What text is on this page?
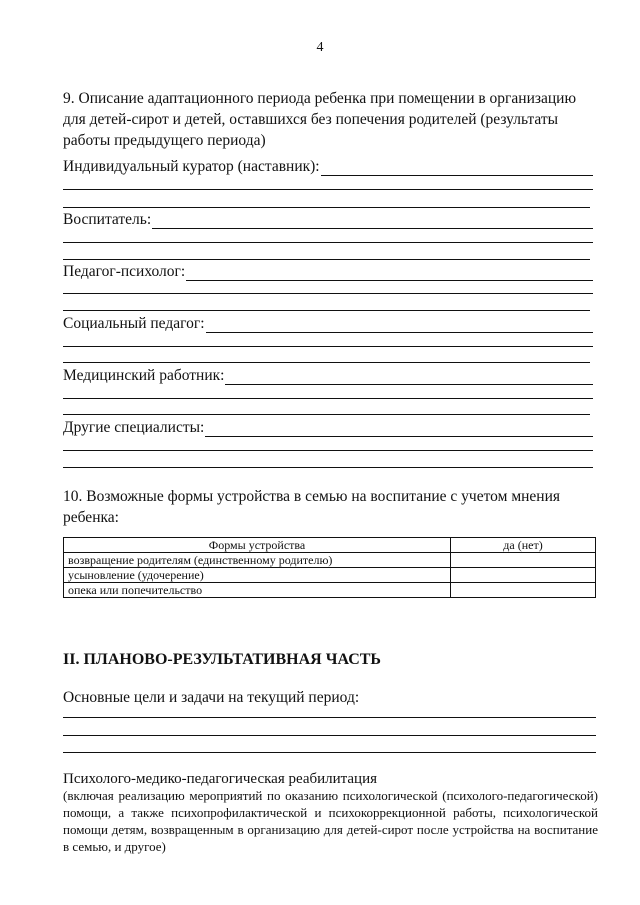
4
9. Описание адаптационного периода ребенка при помещении в организацию для детей-сирот и детей, оставшихся без попечения родителей (результаты работы предыдущего периода)
Индивидуальный куратор (наставник):
Воспитатель:
Педагог-психолог:
Социальный педагог:
Медицинский работник:
Другие специалисты:
10. Возможные формы устройства в семью на воспитание с учетом мнения ребенка:
Формы устройства	да (нет)
возвращение родителям (единственному родителю)	
усыновление (удочерение)	
опека или попечительство	
II. ПЛАНОВО-РЕЗУЛЬТАТИВНАЯ ЧАСТЬ
Основные цели и задачи на текущий период:
Психолого-медико-педагогическая реабилитация
(включая реализацию мероприятий по оказанию психологической (психолого-педагогической) помощи, а также психопрофилактической и психокоррекционной работы, психологической помощи детям, возвращенным в организацию для детей-сирот после устройства на воспитание в семью, и другое)
